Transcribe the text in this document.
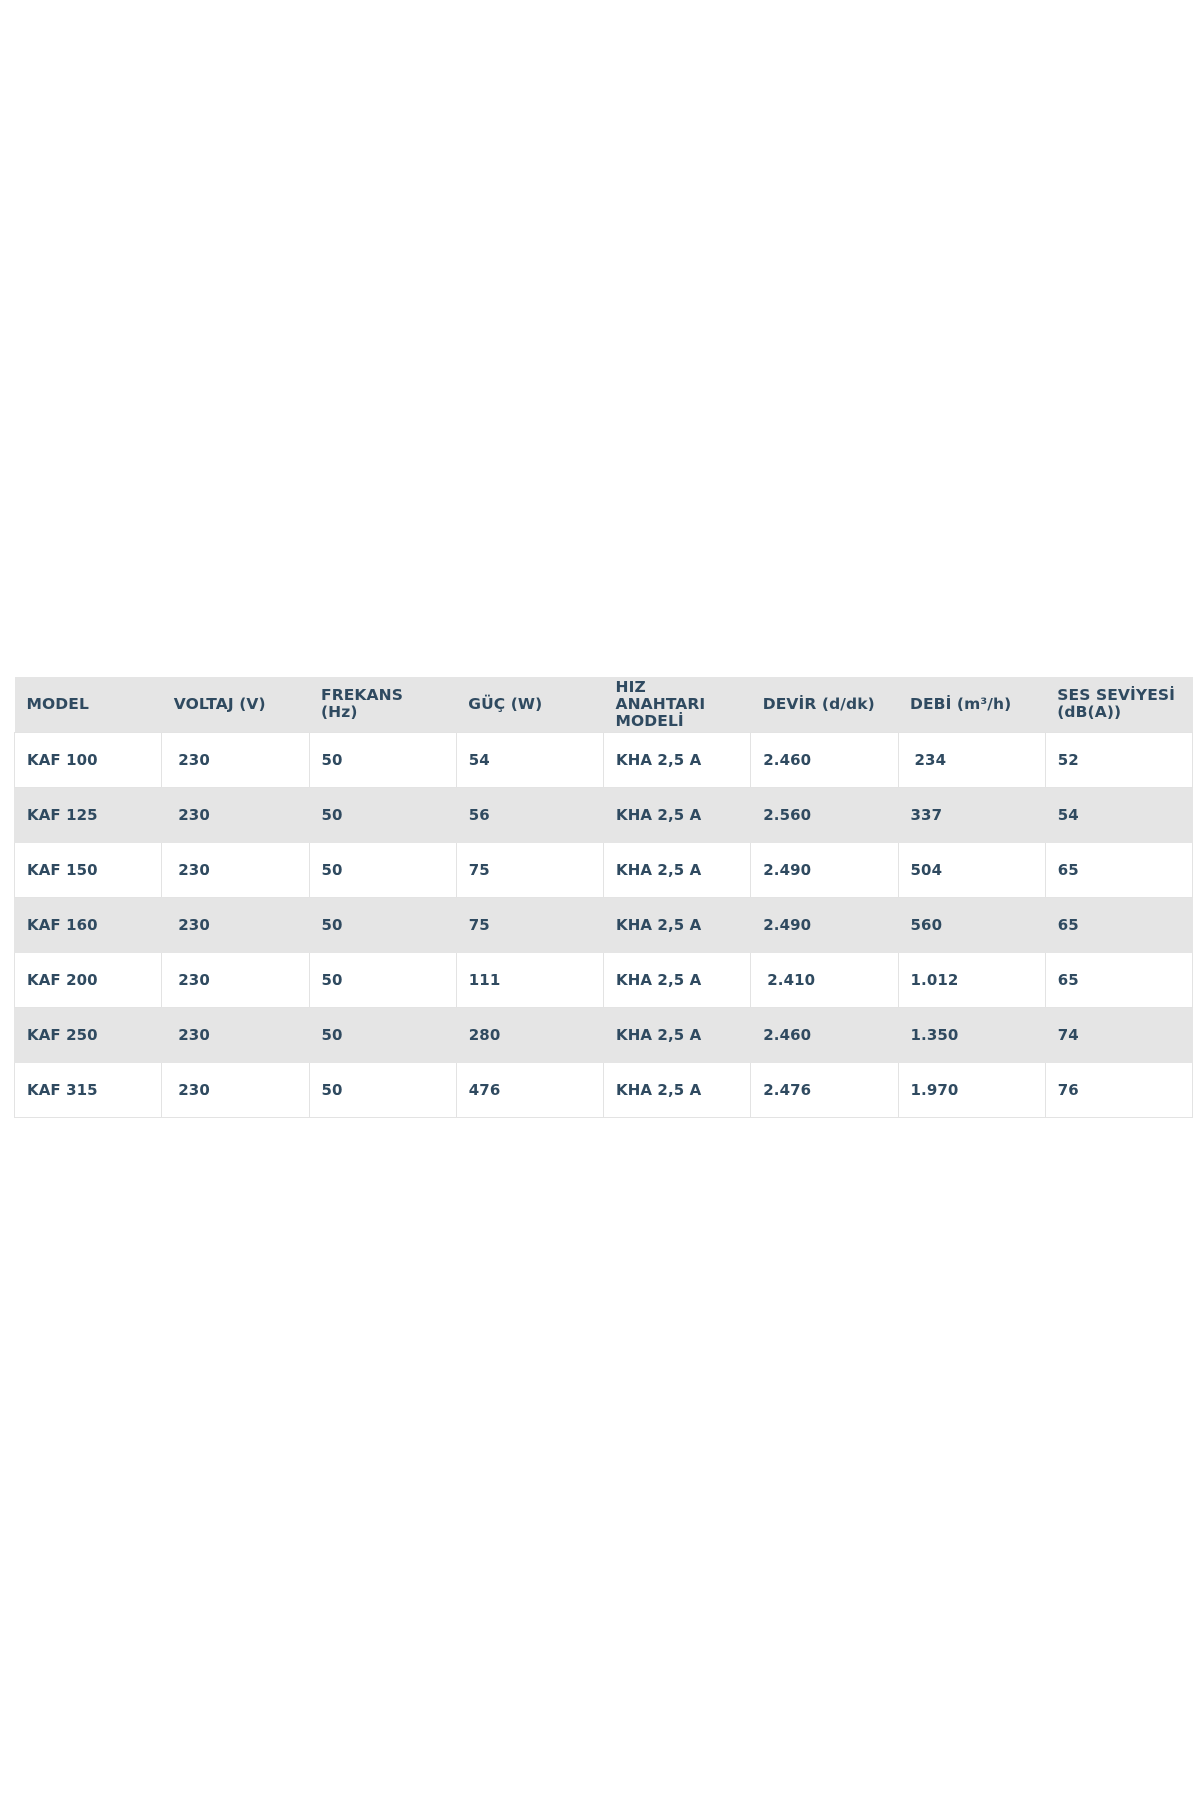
MODEL	VOLTAJ (V)	FREKANS (Hz)	GÜÇ (W)	HIZ ANAHTARI MODELİ	DEVİR (d/dk)	DEBİ (m³/h)	SES SEVİYESİ (dB(A))
KAF 100	230	50	54	KHA 2,5 A	2.460	234	52
KAF 125	230	50	56	KHA 2,5 A	2.560	337	54
KAF 150	230	50	75	KHA 2,5 A	2.490	504	65
KAF 160	230	50	75	KHA 2,5 A	2.490	560	65
KAF 200	230	50	111	KHA 2,5 A	2.410	1.012	65
KAF 250	230	50	280	KHA 2,5 A	2.460	1.350	74
KAF 315	230	50	476	KHA 2,5 A	2.476	1.970	76
